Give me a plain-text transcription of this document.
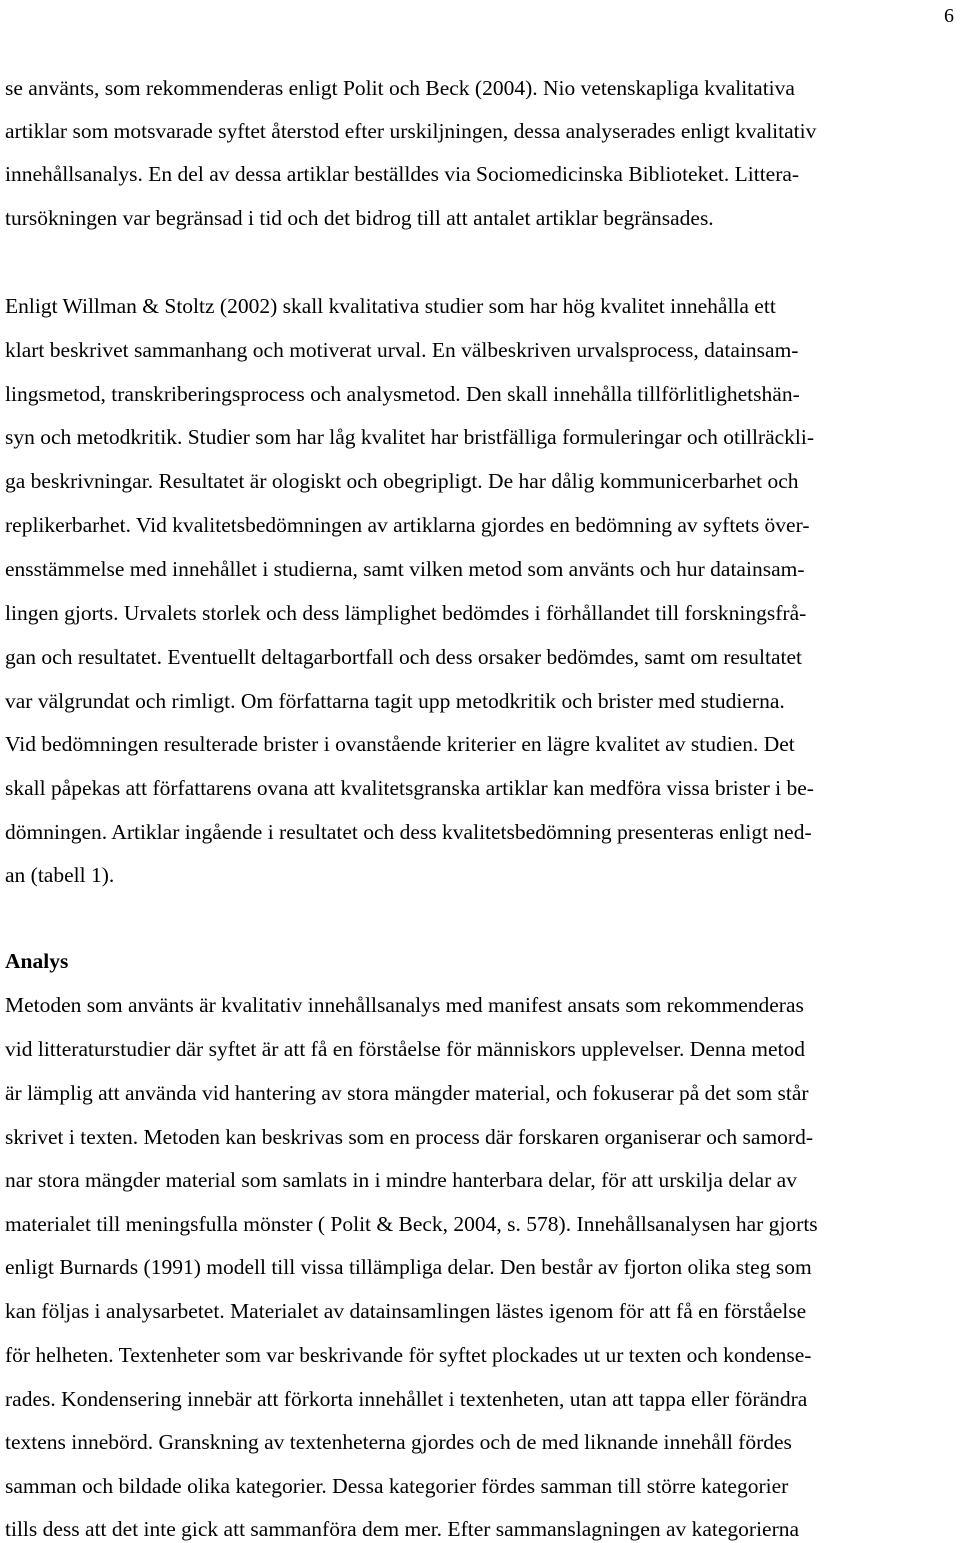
6
se använts, som rekommenderas enligt Polit och Beck (2004). Nio vetenskapliga kvalitativa
artiklar som motsvarade syftet återstod efter urskiljningen, dessa analyserades enligt kvalitativ
innehållsanalys. En del av dessa artiklar beställdes via Sociomedicinska Biblioteket. Littera-
tursökningen var begränsad i tid och det bidrog till att antalet artiklar begränsades.
Enligt Willman & Stoltz (2002) skall kvalitativa studier som har hög kvalitet innehålla ett
klart beskrivet sammanhang och motiverat urval. En välbeskriven urvalsprocess, datainsam-
lingsmetod, transkriberingsprocess och analysmetod. Den skall innehålla tillförlitlighetshän-
syn och metodkritik. Studier som har låg kvalitet har bristfälliga formuleringar och otillräckli-
ga beskrivningar. Resultatet är ologiskt och obegripligt. De har dålig kommunicerbarhet och
replikerbarhet. Vid kvalitetsbedömningen av artiklarna gjordes en bedömning av syftets över-
ensstämmelse med innehållet i studierna, samt vilken metod som använts och hur datainsam-
lingen gjorts. Urvalets storlek och dess lämplighet bedömdes i förhållandet till forskningsfrå-
gan och resultatet. Eventuellt deltagarbortfall och dess orsaker bedömdes, samt om resultatet
var välgrundat och rimligt. Om författarna tagit upp metodkritik och brister med studierna.
Vid bedömningen resulterade brister i ovanstående kriterier en lägre kvalitet av studien. Det
skall påpekas att författarens ovana att kvalitetsgranska artiklar kan medföra vissa brister i be-
dömningen. Artiklar ingående i resultatet och dess kvalitetsbedömning presenteras enligt ned-
an (tabell 1).
Analys
Metoden som använts är kvalitativ innehållsanalys med manifest ansats som rekommenderas
vid litteraturstudier där syftet är att få en förståelse för människors upplevelser. Denna metod
är lämplig att använda vid hantering av stora mängder material, och fokuserar på det som står
skrivet i texten. Metoden kan beskrivas som en process där forskaren organiserar och samord-
nar stora mängder material som samlats in i mindre hanterbara delar, för att urskilja delar av
materialet till meningsfulla mönster ( Polit & Beck, 2004, s. 578). Innehållsanalysen har gjorts
enligt Burnards (1991) modell till vissa tillämpliga delar. Den består av fjorton olika steg som
kan följas i analysarbetet. Materialet av datainsamlingen lästes igenom för att få en förståelse
för helheten. Textenheter som var beskrivande för syftet plockades ut ur texten och kondense-
rades. Kondensering innebär att förkorta innehållet i textenheten, utan att tappa eller förändra
textens innebörd. Granskning av textenheterna gjordes och de med liknande innehåll fördes
samman och bildade olika kategorier. Dessa kategorier fördes samman till större kategorier
tills dess att det inte gick att sammanföra dem mer. Efter sammanslagningen av kategorierna
